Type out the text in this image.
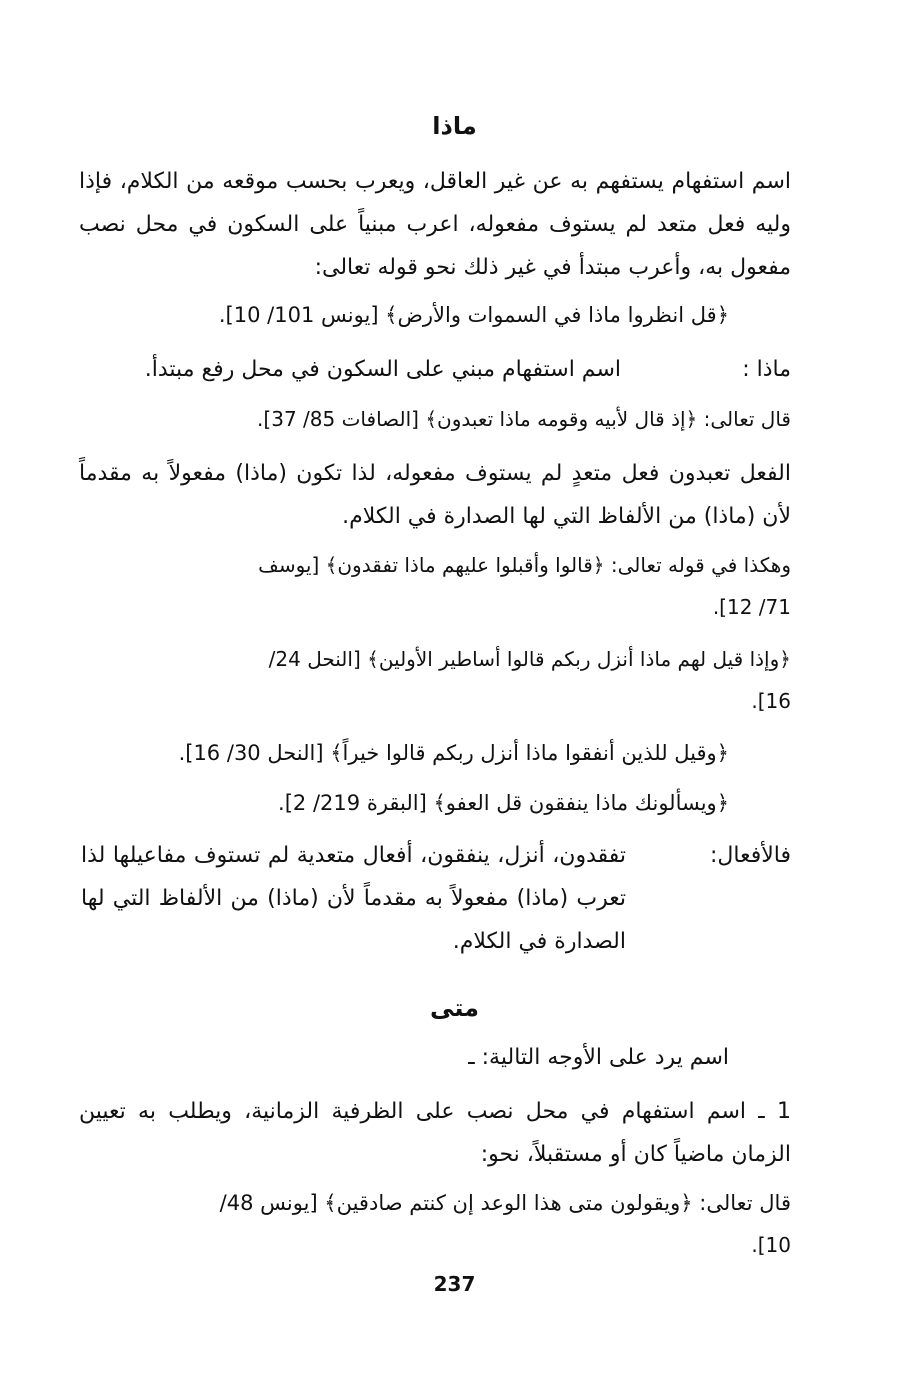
ماذا
اسم استفهام يستفهم به عن غير العاقل، ويعرب بحسب موقعه من الكلام، فإذا وليه فعل متعد لم يستوف مفعوله، اعرب مبنياً على السكون في محل نصب مفعول به، وأعرب مبتدأ في غير ذلك نحو قوله تعالى:
﴿قل انظروا ماذا في السموات والأرض﴾ [يونس 101/ 10].
ماذا :
اسم استفهام مبني على السكون في محل رفع مبتدأ.
قال تعالى: ﴿إذ قال لأبيه وقومه ماذا تعبدون﴾ [الصافات 85/ 37].
الفعل تعبدون فعل متعدٍ لم يستوف مفعوله، لذا تكون (ماذا) مفعولاً به مقدماً لأن (ماذا) من الألفاظ التي لها الصدارة في الكلام.
وهكذا في قوله تعالى: ﴿قالوا وأقبلوا عليهم ماذا تفقدون﴾ [يوسف
71/ 12].
﴿وإذا قيل لهم ماذا أنزل ربكم قالوا أساطير الأولين﴾ [النحل 24/
16].
﴿وقيل للذين أنفقوا ماذا أنزل ربكم قالوا خيراً﴾ [النحل 30/ 16].
﴿ويسألونك ماذا ينفقون قل العفو﴾ [البقرة 219/ 2].
فالأفعال:
تفقدون، أنزل، ينفقون، أفعال متعدية لم تستوف مفاعيلها لذا تعرب (ماذا) مفعولاً به مقدماً لأن (ماذا) من الألفاظ التي لها الصدارة في الكلام.
متى
اسم يرد على الأوجه التالية: ـ
1 ـ اسم استفهام في محل نصب على الظرفية الزمانية، ويطلب به تعيين الزمان ماضياً كان أو مستقبلاً، نحو:
قال تعالى: ﴿ويقولون متى هذا الوعد إن كنتم صادقين﴾ [يونس 48/
10].
237
